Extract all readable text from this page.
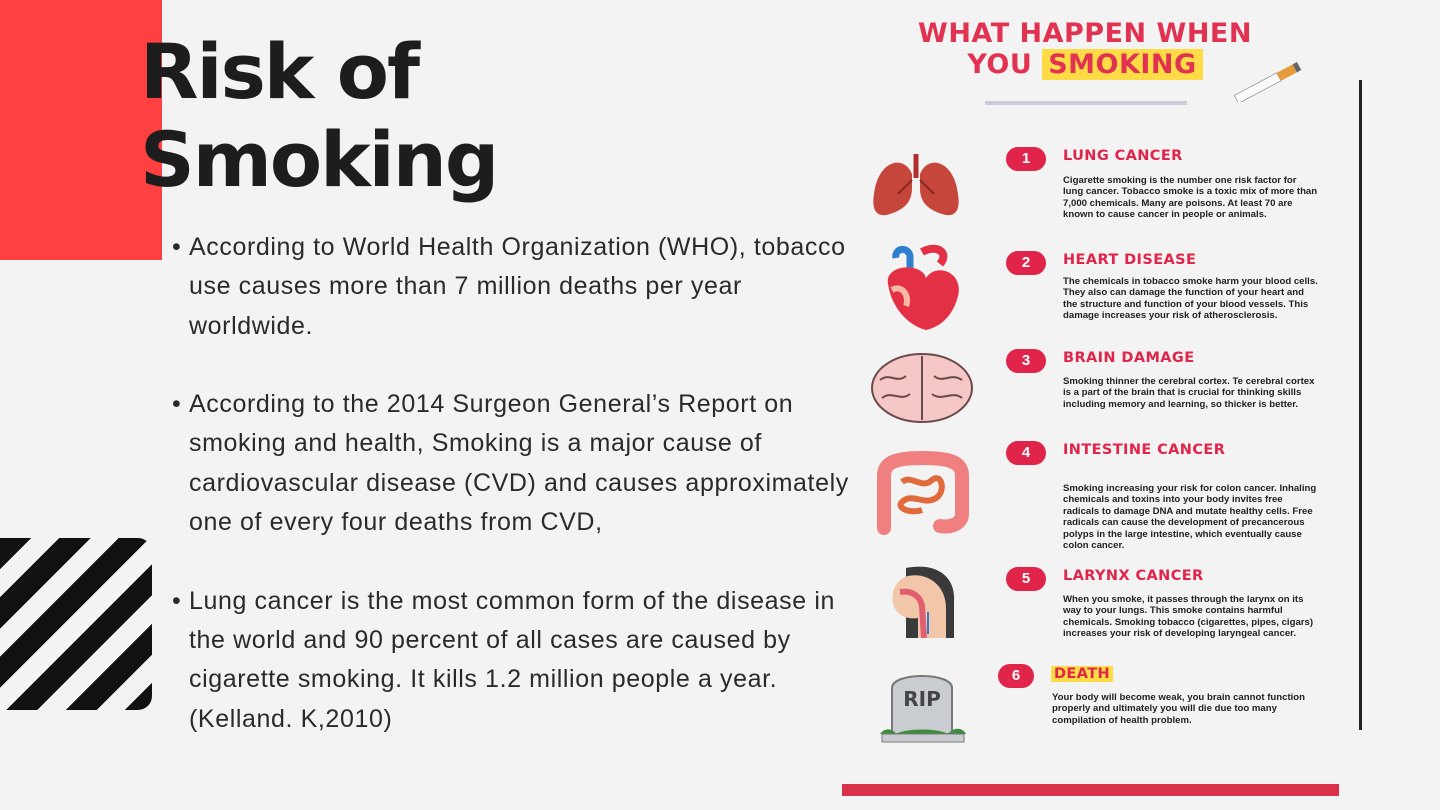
Risk of
Smoking
• According to World Health Organization (WHO), tobacco use causes more than 7 million deaths per year worldwide.
• According to the 2014 Surgeon General’s Report on smoking and health, Smoking is a major cause of cardiovascular disease (CVD) and causes approximately one of every four deaths from CVD,
• Lung cancer is the most common form of the disease in the world and 90 percent of all cases are caused by cigarette smoking. It kills 1.2 million people a year.(Kelland. K,2010)
WHAT HAPPEN WHEN
YOU SMOKING
1	LUNG CANCER
Cigarette smoking is the number one risk factor for lung cancer. Tobacco smoke is a toxic mix of more than 7,000 chemicals. Many are poisons. At least 70 are known to cause cancer in people or animals.
2	HEART DISEASE
The chemicals in tobacco smoke harm your blood cells. They also can damage the function of your heart and the structure and function of your blood vessels. This damage increases your risk of atherosclerosis.
3	BRAIN DAMAGE
Smoking thinner the cerebral cortex. Te cerebral cortex is a part of the brain that is crucial for thinking skills including memory and learning, so thicker is better.
4	INTESTINE CANCER
Smoking increasing your risk for colon cancer. Inhaling chemicals and toxins into your body invites free radicals to damage DNA and mutate healthy cells. Free radicals can cause the development of precancerous polyps in the large intestine, which eventually cause colon cancer.
5	LARYNX CANCER
When you smoke, it passes through the larynx on its way to your lungs. This smoke contains harmful chemicals. Smoking tobacco (cigarettes, pipes, cigars) increases your risk of developing laryngeal cancer.
RIP
6	DEATH
Your body will become weak, you brain cannot function properly and ultimately you will die due too many compilation of health problem.
